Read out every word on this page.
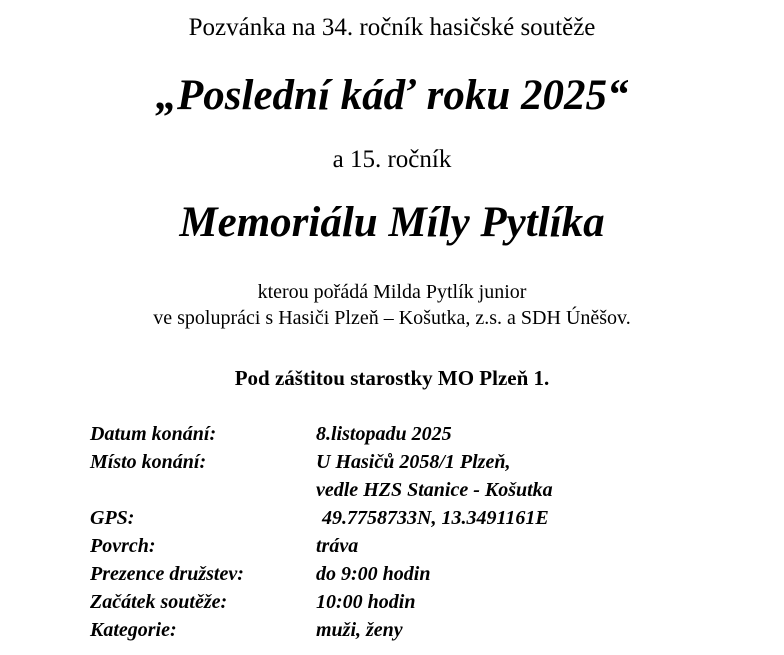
Pozvánka na 34. ročník hasičské soutěže
„Poslední káď roku 2025“
a 15. ročník
Memoriálu Míly Pytlíka
kterou pořádá Milda Pytlík junior
ve spolupráci s Hasiči Plzeň – Košutka, z.s. a SDH Úněšov.
Pod záštitou starostky MO Plzeň 1.
Datum konání:	8.listopadu 2025
Místo konání:	U Hasičů 2058/1 Plzeň,
vedle HZS Stanice - Košutka
GPS:	49.7758733N, 13.3491161E
Povrch:	tráva
Prezence družstev:	do 9:00 hodin
Začátek soutěže:	10:00 hodin
Kategorie:	muži, ženy
